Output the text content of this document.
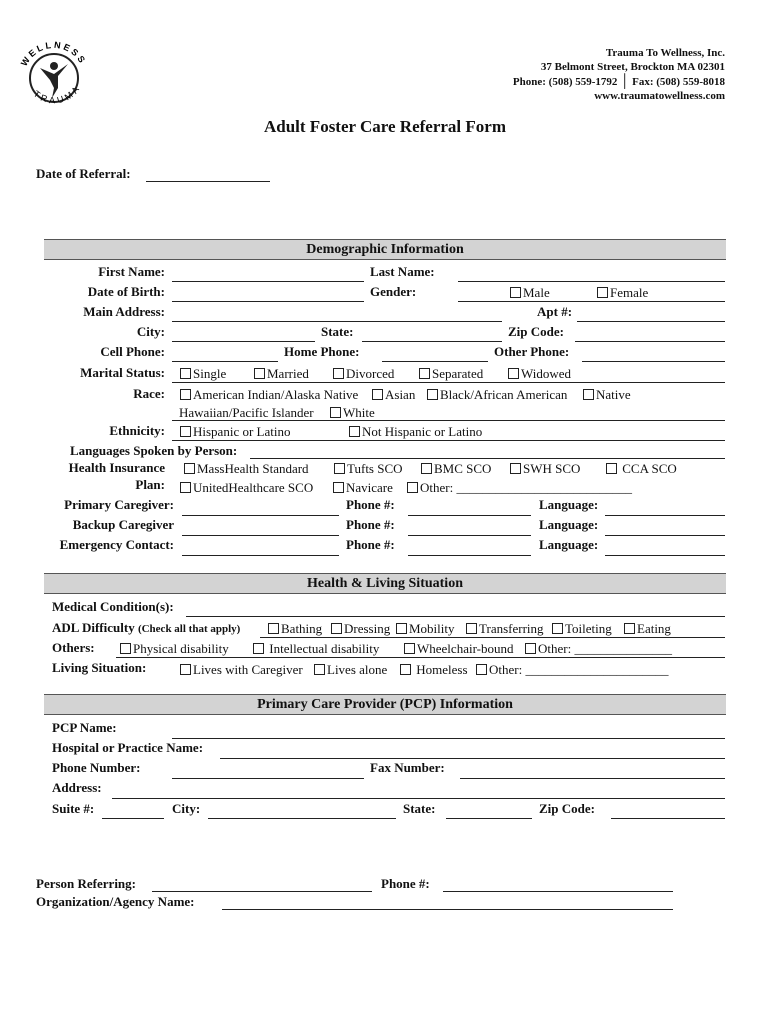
WELLNESS
TRAUMA
Trauma To Wellness, Inc.
37 Belmont Street, Brockton MA 02301
Phone: (508) 559-1792 │ Fax: (508) 559-8018
www.traumatowellness.com
Adult Foster Care Referral Form
Date of Referral:
Demographic Information
First Name:	Last Name:
Date of Birth:	Gender:	Male	Female
Main Address:	Apt #:
City:	State:	Zip Code:
Cell Phone:	Home Phone:	Other Phone:
Marital Status:	Single	Married	Divorced	Separated	Widowed
Race:	American Indian/Alaska Native	Asian	Black/African American	Native
Hawaiian/Pacific Islander	White
Ethnicity:	Hispanic or Latino	Not Hispanic or Latino
Languages Spoken by Person:
Health Insurance
Plan:
MassHealth Standard	Tufts SCO	BMC SCO	SWH SCO	CCA SCO
UnitedHealthcare SCO	Navicare	Other: ___________________________
Primary Caregiver:	Phone #:	Language:
Backup Caregiver	Phone #:	Language:
Emergency Contact:	Phone #:	Language:
Health & Living Situation
Medical Condition(s):
ADL Difficulty (Check all that apply)	Bathing	Dressing	Mobility	Transferring	Toileting	Eating
Others:	Physical disability	Intellectual disability	Wheelchair-bound	Other: _______________
Living Situation:	Lives with Caregiver	Lives alone	Homeless	Other: ______________________
Primary Care Provider (PCP) Information
PCP Name:
Hospital or Practice Name:
Phone Number:	Fax Number:
Address:
Suite #:	City:	State:	Zip Code:
Person Referring:	Phone #:
Organization/Agency Name:
